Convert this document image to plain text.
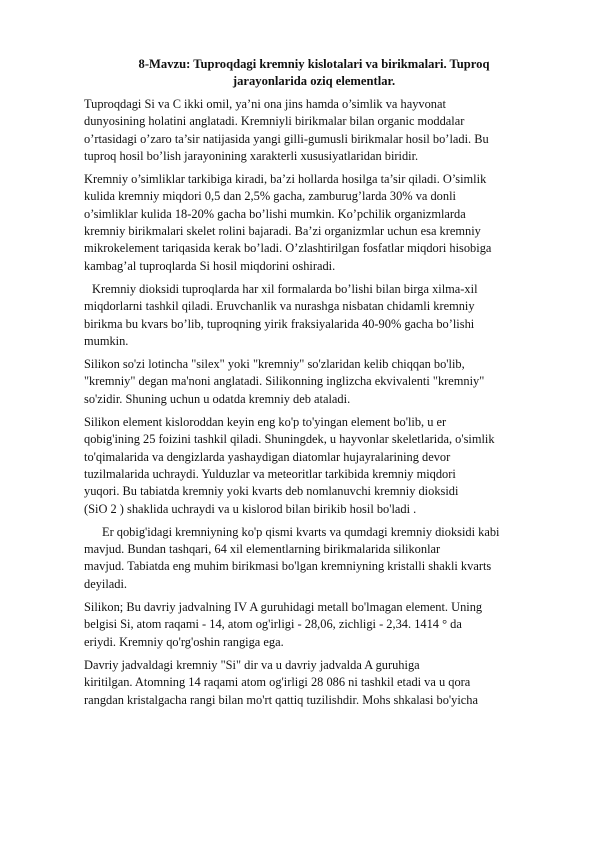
8-Mavzu: Tuproqdagi kremniy kislotalari va birikmalari. Tuproq
jarayonlarida oziq elementlar.
Tuproqdagi Si va C ikki omil, ya’ni ona jins hamda o’simlik va hayvonat
dunyosining holatini anglatadi. Kremniyli birikmalar bilan organic moddalar
o’rtasidagi o’zaro ta’sir natijasida yangi gilli-gumusli birikmalar hosil bo’ladi. Bu
tuproq hosil bo’lish jarayonining xarakterli xususiyatlaridan biridir.
Kremniy o’simliklar tarkibiga kiradi, ba’zi hollarda hosilga ta’sir qiladi. O’simlik
kulida kremniy miqdori 0,5 dan 2,5% gacha, zamburug’larda 30% va donli
o’simliklar kulida 18-20% gacha bo’lishi mumkin. Ko’pchilik organizmlarda
kremniy birikmalari skelet rolini bajaradi. Ba’zi organizmlar uchun esa kremniy
mikrokelement tariqasida kerak bo’ladi. O’zlashtirilgan fosfatlar miqdori hisobiga
kambag’al tuproqlarda Si hosil miqdorini oshiradi.
Kremniy dioksidi tuproqlarda har xil formalarda bo’lishi bilan birga xilma-xil
miqdorlarni tashkil qiladi. Eruvchanlik va nurashga nisbatan chidamli kremniy
birikma bu kvars bo’lib, tuproqning yirik fraksiyalarida 40-90% gacha bo’lishi
mumkin.
Silikon so'zi lotincha "silex" yoki "kremniy" so'zlaridan kelib chiqqan bo'lib,
"kremniy" degan ma'noni anglatadi. Silikonning inglizcha ekvivalenti "kremniy"
so'zidir. Shuning uchun u odatda kremniy deb ataladi.
Silikon element kisloroddan keyin eng ko'p to'yingan element bo'lib, u er
qobig'ining 25 foizini tashkil qiladi. Shuningdek, u hayvonlar skeletlarida, o'simlik
to'qimalarida va dengizlarda yashaydigan diatomlar hujayralarining devor
tuzilmalarida uchraydi. Yulduzlar va meteoritlar tarkibida kremniy miqdori
yuqori. Bu tabiatda kremniy yoki kvarts deb nomlanuvchi kremniy dioksidi
(SiO 2 ) shaklida uchraydi va u kislorod bilan birikib hosil bo'ladi .
Er qobig'idagi kremniyning ko'p qismi kvarts va qumdagi kremniy dioksidi kabi
mavjud. Bundan tashqari, 64 xil elementlarning birikmalarida silikonlar
mavjud. Tabiatda eng muhim birikmasi bo'lgan kremniyning kristalli shakli kvarts
deyiladi.
Silikon; Bu davriy jadvalning IV A guruhidagi metall bo'lmagan element. Uning
belgisi Si, atom raqami - 14, atom og'irligi - 28,06, zichligi - 2,34. 1414 ° da
eriydi. Kremniy qo'rg'oshin rangiga ega.
Davriy jadvaldagi kremniy "Si" dir va u davriy jadvalda A guruhiga
kiritilgan. Atomning 14 raqami atom og'irligi 28 086 ni tashkil etadi va u qora
rangdan kristalgacha rangi bilan mo'rt qattiq tuzilishdir. Mohs shkalasi bo'yicha
